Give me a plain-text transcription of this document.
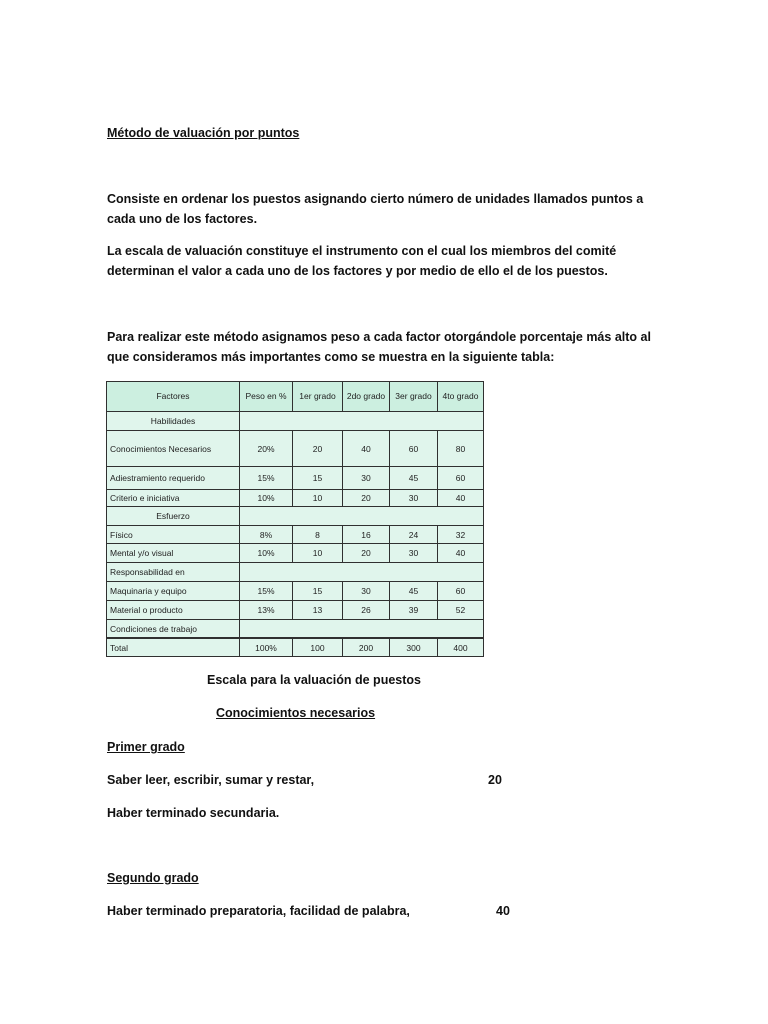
Método de valuación por puntos
Consiste en ordenar los puestos asignando cierto número de unidades llamados puntos a cada uno de los factores.
La escala de valuación constituye el instrumento con el cual los miembros del comité determinan el valor a cada uno de los factores y por medio de ello el de los puestos.
Para realizar este método asignamos peso a cada factor otorgándole porcentaje más alto al que consideramos más importantes como se muestra en la siguiente tabla:
Factores	Peso en %	1er grado	2do grado	3er grado	4to grado
Habilidades					
Conocimientos Necesarios	20%	20	40	60	80
Adiestramiento requerido	15%	15	30	45	60
Criterio e iniciativa	10%	10	20	30	40
Esfuerzo					
Físico	8%	8	16	24	32
Mental y/o visual	10%	10	20	30	40
Responsabilidad en					
Maquinaria y equipo	15%	15	30	45	60
Material o producto	13%	13	26	39	52
Condiciones de trabajo					
Total	100%	100	200	300	400
Escala para la valuación de puestos
Conocimientos necesarios
Primer grado
Saber leer, escribir, sumar y restar,	20
Haber terminado secundaria.
Segundo grado
Haber terminado preparatoria, facilidad de palabra,	40
